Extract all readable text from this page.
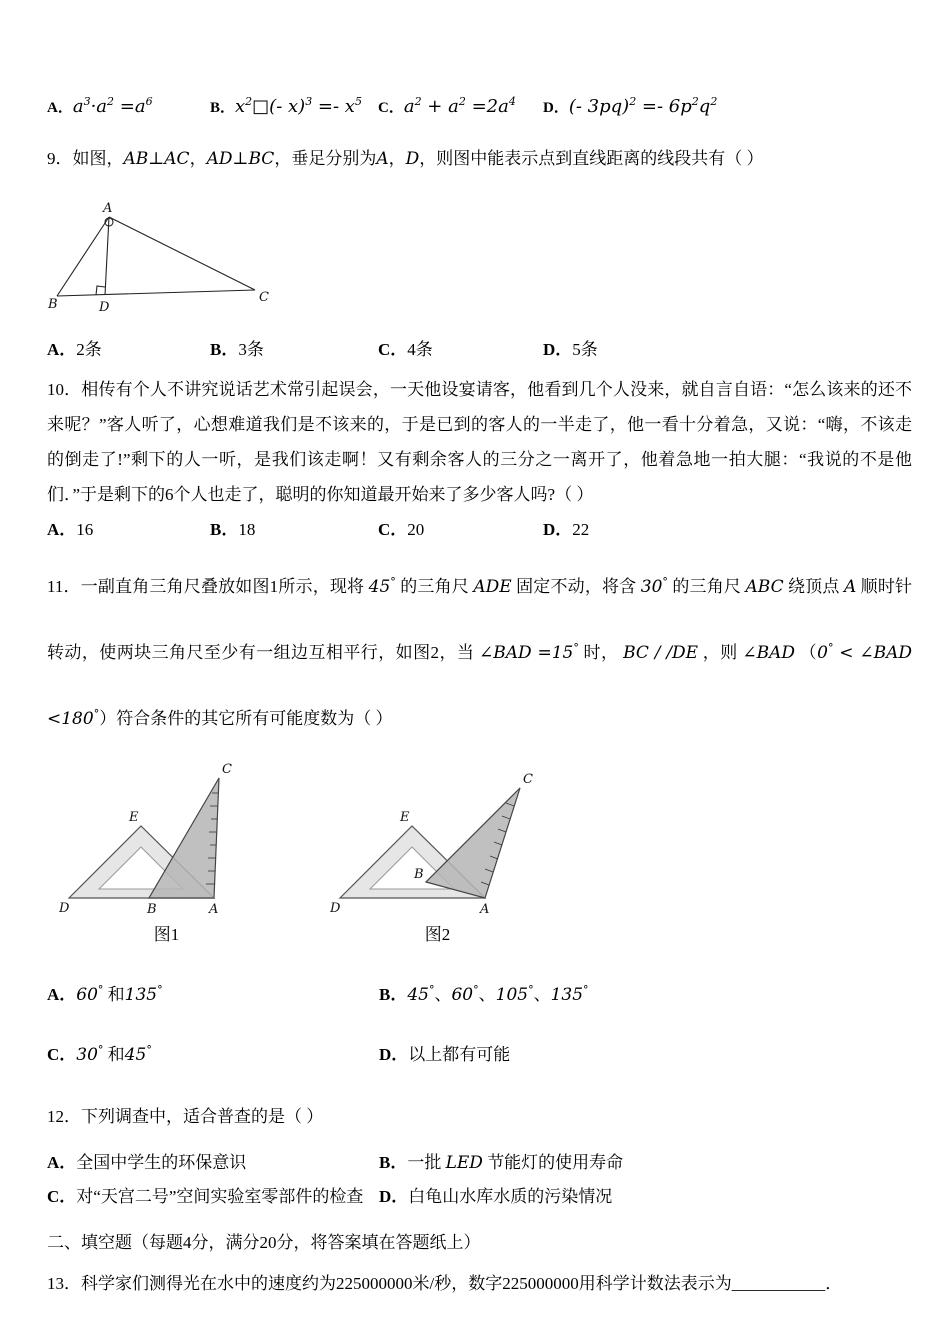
A．$a^3\cdot a^2 =a^6$	B．$x^2□(-$ $x)^3 =- x^5$	C．$a^2 + a^2 =2a^4$	D．(- $3pq)^2 =- 6p^2q^2$

9．如图，AB⊥AC，AD⊥BC，垂足分别为A，D，则图中能表示点到直线距离的线段共有（ ）

A
B	D
C
A．2条	B．3条	C．4条	D．5条

10．相传有个人不讲究说话艺术常引起误会，一天他设宴请客，他看到几个人没来，就自言自语：“怎么该来的还不来呢？”客人听了，心想难道我们是不该来的，于是已到的客人的一半走了，他一看十分着急，又说：“嗨，不该走的倒走了!”剩下的人一听，是我们该走啊！又有剩余客人的三分之一离开了，他着急地一拍大腿：“我说的不是他们．”于是剩下的6个人也走了，聪明的你知道最开始来了多少客人吗?（ ）

A．16	B．18	C．20	D．22

11．一副直角三角尺叠放如图1所示，现将 45° 的三角尺 ADE 固定不动，将含 30° 的三角尺 ABC 绕顶点 A 顺时针转动，使两块三角尺至少有一组边互相平行，如图2，当 ∠BAD =15° 时， BC / /DE ，则 ∠BAD （0° < ∠BAD <180°）符合条件的其它所有可能度数为（ ）

C
E
D	B	A
图1
C
E
D
B
A
图2
A．60° 和135°	B．45°、60°、105°、135°
C．30° 和45°	D．以上都有可能

12．下列调查中，适合普查的是（ ）

A．全国中学生的环保意识	B．一批 LED 节能灯的使用寿命
C．对“天宫二号”空间实验室零部件的检查 D．白龟山水库水质的污染情况

二、填空题（每题4分，满分20分，将答案填在答题纸上）

13．科学家们测得光在水中的速度约为225000000米/秒，数字225000000用科学计数法表示为___________．
